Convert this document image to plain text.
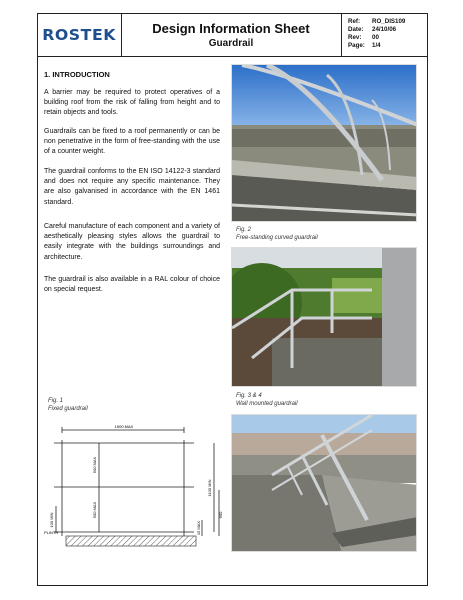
ROSTEK	Design Information Sheet
Guardrail
Ref:	RO_DIS109
Date:	24/10/06
Rev:	00
Page:	1/4
1. INTRODUCTION
A barrier may be required to protect operatives of a building roof from the risk of falling from height and to retain objects and tools.
Guardrails can be fixed to a roof permanently or can be non penetrative in the form of free-standing with the use of a counter weight.
The guardrail conforms to the EN ISO 14122-3 standard and does not require any specific maintenance. They are also galvanised in accordance with the EN 1461 standard.
Careful manufacture of each component and a variety of aesthetically pleasing styles allows the guardrail to easily integrate with the buildings surroundings and architecture.
The guardrail is also available in a RAL colour of choice on special request.
Fig. 2
Free-standing curved guardrail
Fig. 3 & 4
Wall mounted guardrail
Fig. 1
Fixed guardrail
1500 MAX
500 MAX
500 MAX
1100 MIN
100 MIN
15 MAX
600
PLINTH
